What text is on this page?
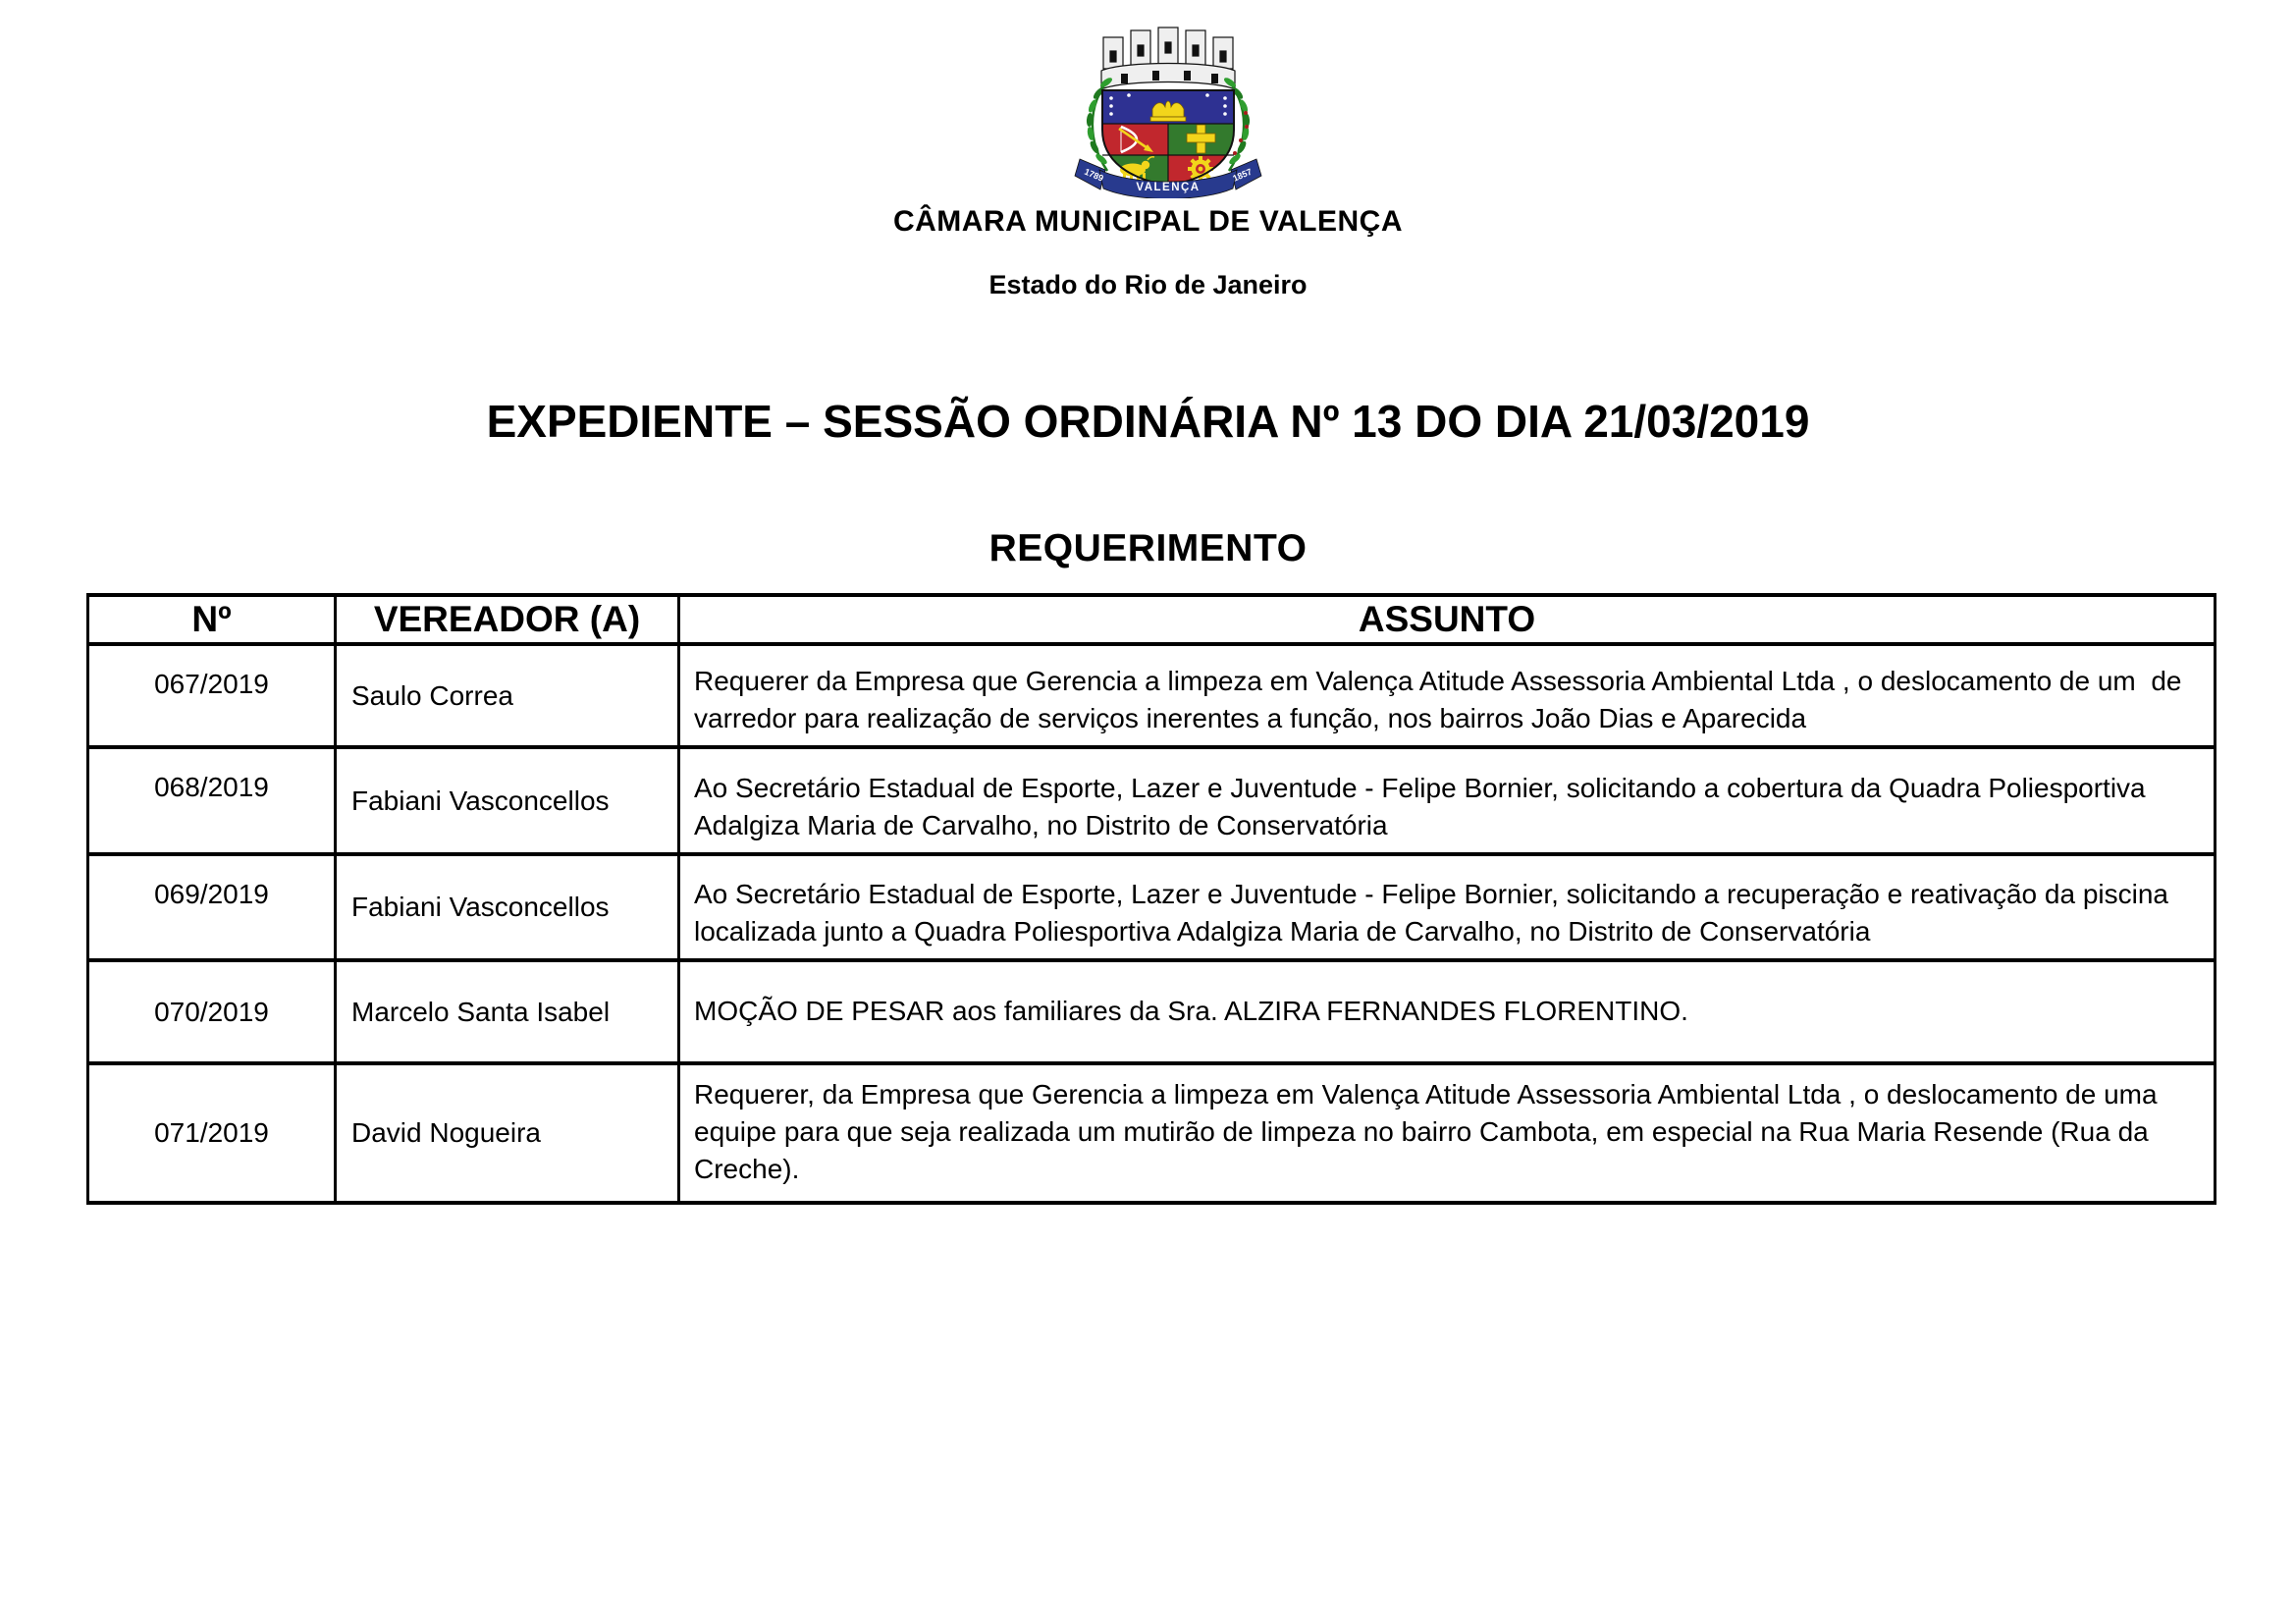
1789
VALENÇA
1857
CÂMARA MUNICIPAL DE VALENÇA
Estado do Rio de Janeiro
EXPEDIENTE – SESSÃO ORDINÁRIA Nº 13 DO DIA 21/03/2019
REQUERIMENTO
Nº	VEREADOR (A)	ASSUNTO
067/2019	Saulo Correa	Requerer da Empresa que Gerencia a limpeza em Valença Atitude Assessoria Ambiental Ltda , o deslocamento de um  de varredor para realização de serviços inerentes a função, nos bairros João Dias e Aparecida
068/2019	Fabiani Vasconcellos	Ao Secretário Estadual de Esporte, Lazer e Juventude - Felipe Bornier, solicitando a cobertura da Quadra Poliesportiva Adalgiza Maria de Carvalho, no Distrito de Conservatória
069/2019	Fabiani Vasconcellos	Ao Secretário Estadual de Esporte, Lazer e Juventude - Felipe Bornier, solicitando a recuperação e reativação da piscina localizada junto a Quadra Poliesportiva Adalgiza Maria de Carvalho, no Distrito de Conservatória
070/2019	Marcelo Santa Isabel	MOÇÃO DE PESAR aos familiares da Sra. ALZIRA FERNANDES FLORENTINO.
071/2019	David Nogueira	Requerer, da Empresa que Gerencia a limpeza em Valença Atitude Assessoria Ambiental Ltda , o deslocamento de uma equipe para que seja realizada um mutirão de limpeza no bairro Cambota, em especial na Rua Maria Resende (Rua da Creche).
